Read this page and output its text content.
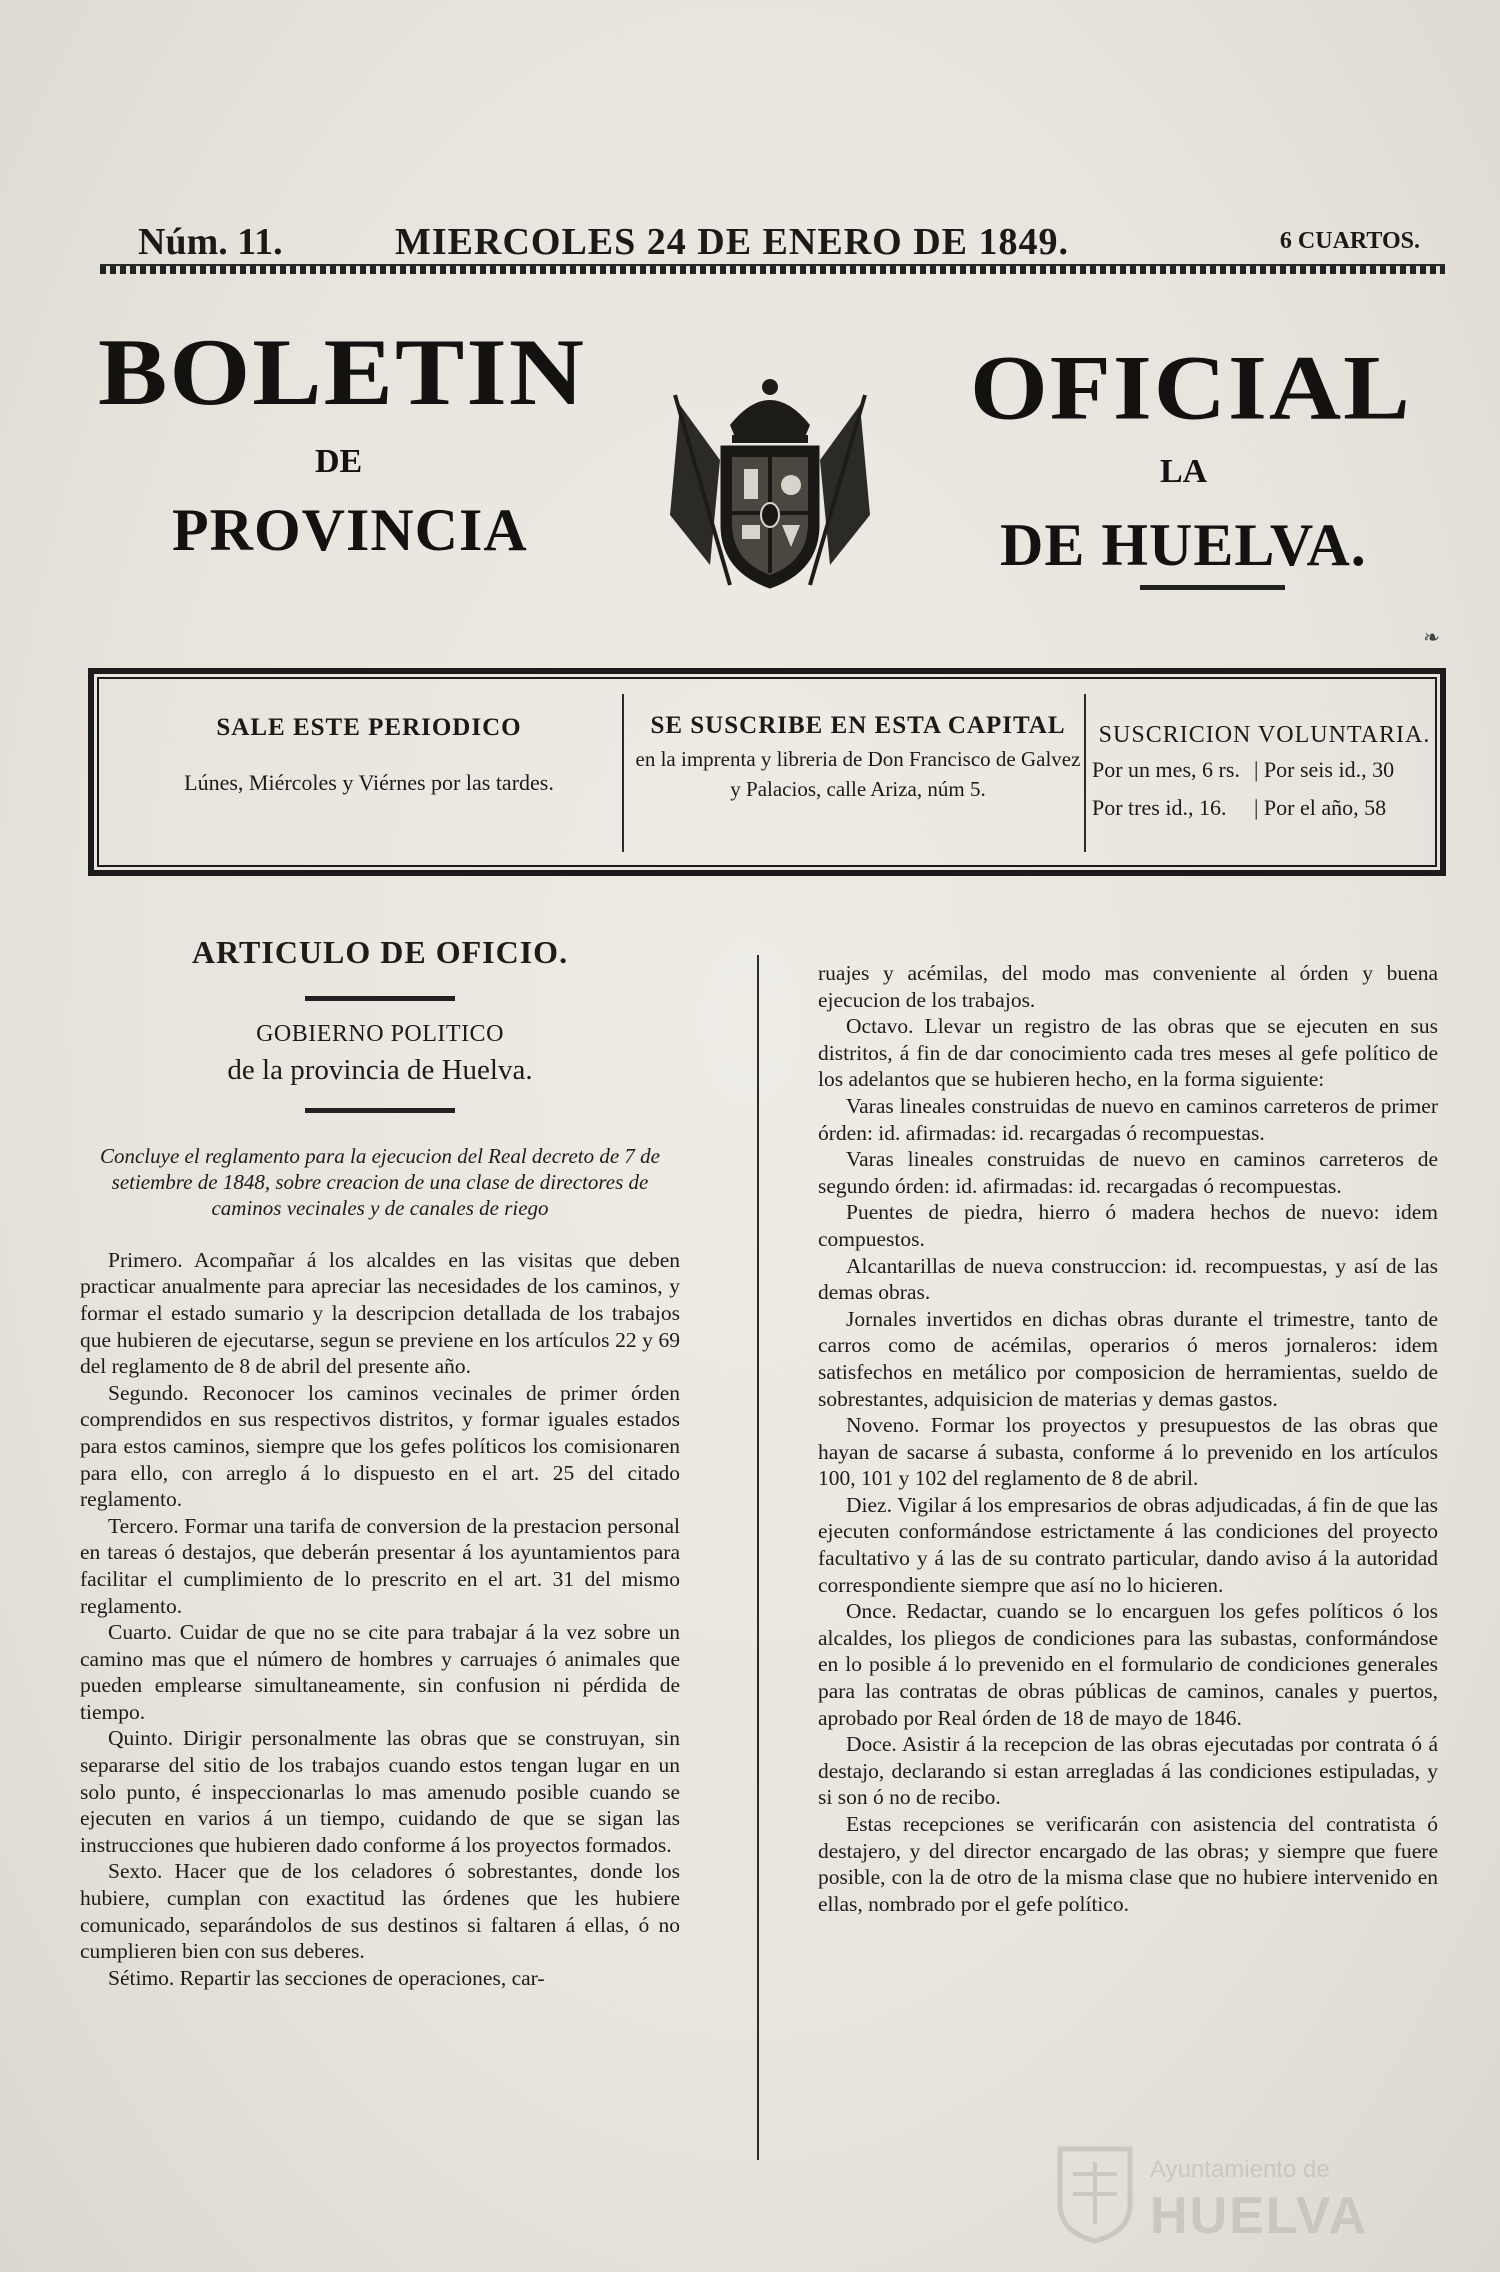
Núm. 11.	MIERCOLES 24 DE ENERO DE 1849.	6 CUARTOS.
BOLETIN
DE
PROVINCIA
OFICIAL
LA
DE HUELVA.
❧
SALE ESTE PERIODICO
Lúnes, Miércoles y Viérnes por las tardes.
SE SUSCRIBE EN ESTA CAPITAL
en la imprenta y libreria de Don Francisco de Galvez y Palacios, calle Ariza, núm 5.
SUSCRICION VOLUNTARIA.
Por un mes, 6 rs. | Por seis id., 30
Por tres id., 16.	| Por el año, 58
ARTICULO DE OFICIO.
GOBIERNO POLITICO
de la provincia de Huelva.
Concluye el reglamento para la ejecucion del Real decreto de 7 de setiembre de 1848, sobre creacion de una clase de directores de caminos vecinales y de canales de riego

Primero. Acompañar á los alcaldes en las visitas que deben practicar anualmente para apreciar las necesidades de los caminos, y formar el estado sumario y la descripcion detallada de los trabajos que hubieren de ejecutarse, segun se previene en los artículos 22 y 69 del reglamento de 8 de abril del presente año.

Segundo. Reconocer los caminos vecinales de primer órden comprendidos en sus respectivos distritos, y formar iguales estados para estos caminos, siempre que los gefes políticos los comisionaren para ello, con arreglo á lo dispuesto en el art. 25 del citado reglamento.

Tercero. Formar una tarifa de conversion de la prestacion personal en tareas ó destajos, que deberán presentar á los ayuntamientos para facilitar el cumplimiento de lo prescrito en el art. 31 del mismo reglamento.

Cuarto. Cuidar de que no se cite para trabajar á la vez sobre un camino mas que el número de hombres y carruajes ó animales que pueden emplearse simultaneamente, sin confusion ni pérdida de tiempo.

Quinto. Dirigir personalmente las obras que se construyan, sin separarse del sitio de los trabajos cuando estos tengan lugar en un solo punto, é inspeccionarlas lo mas amenudo posible cuando se ejecuten en varios á un tiempo, cuidando de que se sigan las instrucciones que hubieren dado conforme á los proyectos formados.

Sexto. Hacer que de los celadores ó sobrestantes, donde los hubiere, cumplan con exactitud las órdenes que les hubiere comunicado, separándolos de sus destinos si faltaren á ellas, ó no cumplieren bien con sus deberes.

Sétimo. Repartir las secciones de operaciones, car-

ruajes y acémilas, del modo mas conveniente al órden y buena ejecucion de los trabajos.

Octavo. Llevar un registro de las obras que se ejecuten en sus distritos, á fin de dar conocimiento cada tres meses al gefe político de los adelantos que se hubieren hecho, en la forma siguiente:

Varas lineales construidas de nuevo en caminos carreteros de primer órden: id. afirmadas: id. recargadas ó recompuestas.

Varas lineales construidas de nuevo en caminos carreteros de segundo órden: id. afirmadas: id. recargadas ó recompuestas.

Puentes de piedra, hierro ó madera hechos de nuevo: idem compuestos.

Alcantarillas de nueva construccion: id. recompuestas, y así de las demas obras.

Jornales invertidos en dichas obras durante el trimestre, tanto de carros como de acémilas, operarios ó meros jornaleros: idem satisfechos en metálico por composicion de herramientas, sueldo de sobrestantes, adquisicion de materias y demas gastos.

Noveno. Formar los proyectos y presupuestos de las obras que hayan de sacarse á subasta, conforme á lo prevenido en los artículos 100, 101 y 102 del reglamento de 8 de abril.

Diez. Vigilar á los empresarios de obras adjudicadas, á fin de que las ejecuten conformándose estrictamente á las condiciones del proyecto facultativo y á las de su contrato particular, dando aviso á la autoridad correspondiente siempre que así no lo hicieren.

Once. Redactar, cuando se lo encarguen los gefes políticos ó los alcaldes, los pliegos de condiciones para las subastas, conformándose en lo posible á lo prevenido en el formulario de condiciones generales para las contratas de obras públicas de caminos, canales y puertos, aprobado por Real órden de 18 de mayo de 1846.

Doce. Asistir á la recepcion de las obras ejecutadas por contrata ó á destajo, declarando si estan arregladas á las condiciones estipuladas, y si son ó no de recibo.

Estas recepciones se verificarán con asistencia del contratista ó destajero, y del director encargado de las obras; y siempre que fuere posible, con la de otro de la misma clase que no hubiere intervenido en ellas, nombrado por el gefe político.

Ayuntamiento de
HUELVA
